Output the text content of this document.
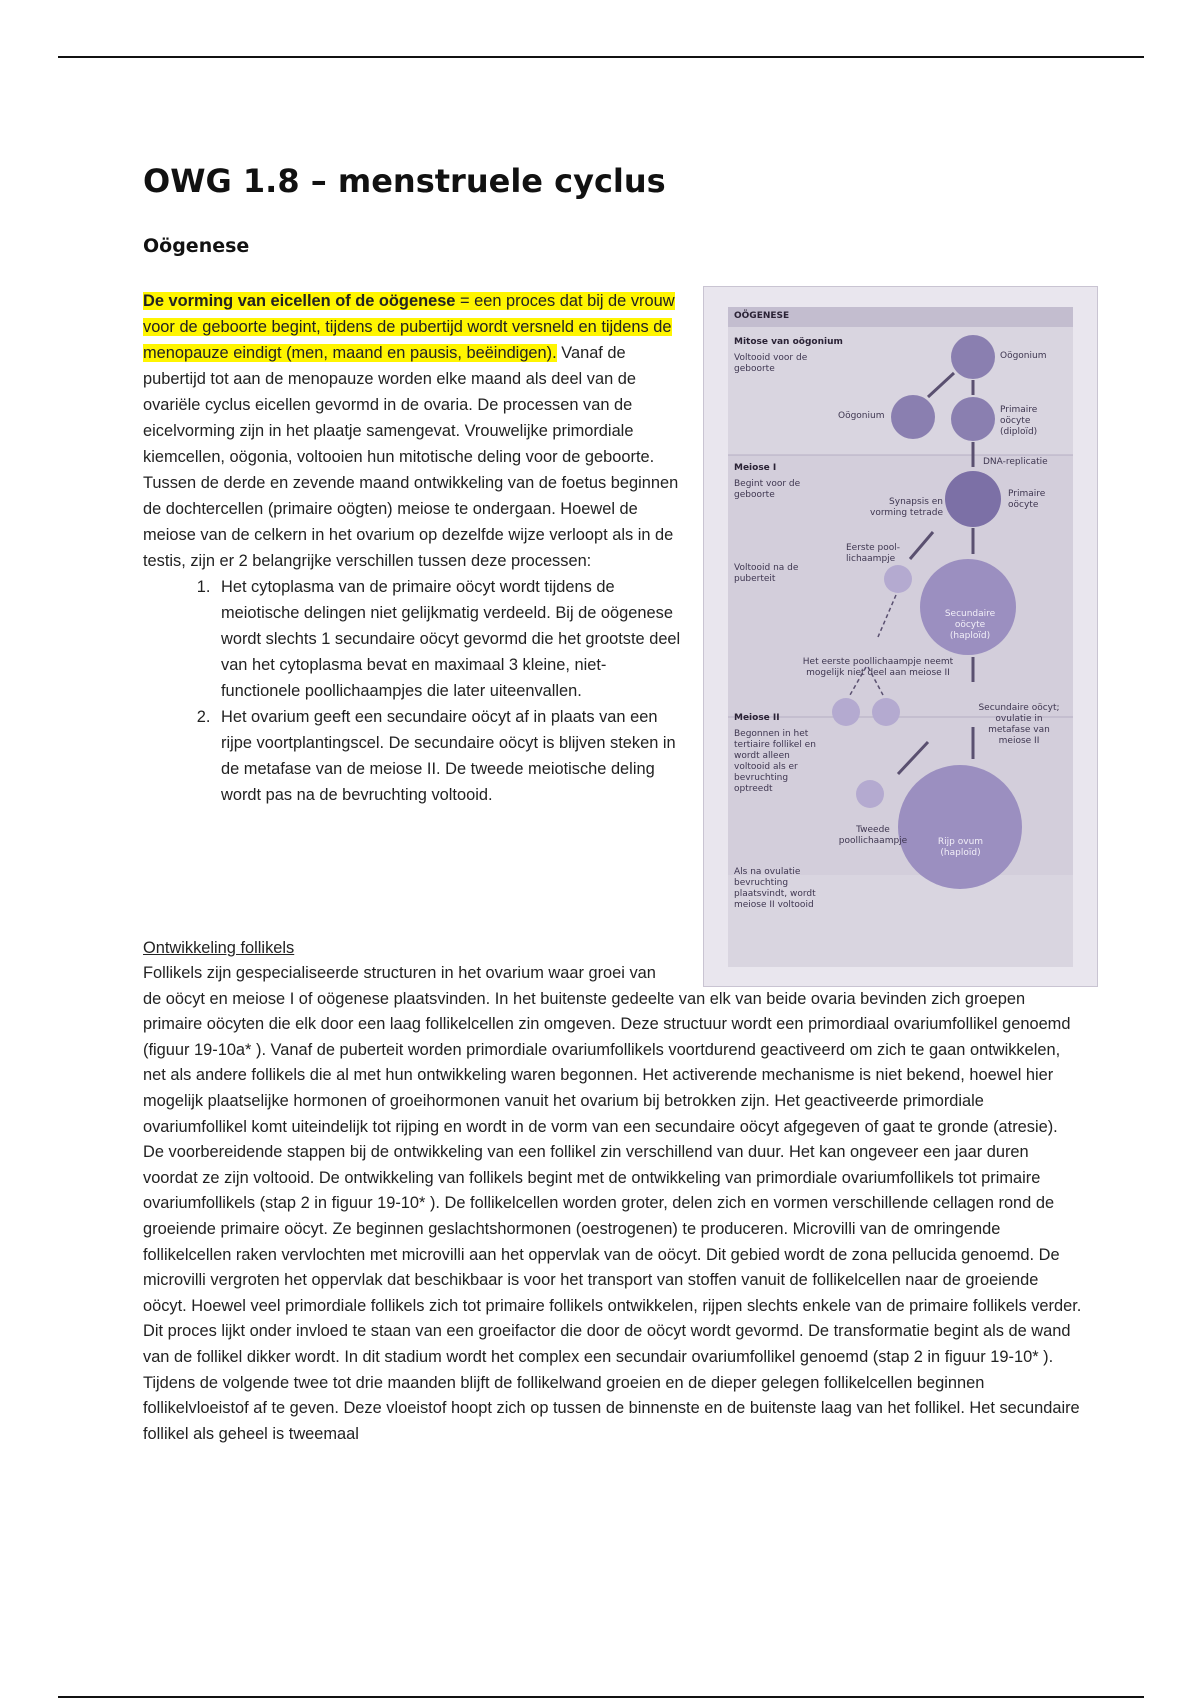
OWG 1.8 – menstruele cyclus
Oögenese

De vorming van eicellen of de oögenese = een proces dat bij de vrouw voor de geboorte begint, tijdens de pubertijd wordt versneld en tijdens de menopauze eindigt (men, maand en pausis, beëindigen). Vanaf de pubertijd tot aan de menopauze worden elke maand als deel van de ovariële cyclus eicellen gevormd in de ovaria. De processen van de eicelvorming zijn in het plaatje samengevat. Vrouwelijke primordiale kiemcellen, oögonia, voltooien hun mitotische deling voor de geboorte. Tussen de derde en zevende maand ontwikkeling van de foetus beginnen de dochtercellen (primaire oögten) meiose te ondergaan. Hoewel de meiose van de celkern in het ovarium op dezelfde wijze verloopt als in de testis, zijn er 2 belangrijke verschillen tussen deze processen:

1. Het cytoplasma van de primaire oöcyt wordt tijdens de meiotische delingen niet gelijkmatig verdeeld. Bij de oögenese wordt slechts 1 secundaire oöcyt gevormd die het grootste deel van het cytoplasma bevat en maximaal 3 kleine, niet-functionele poollichaampjes die later uiteenvallen.
2. Het ovarium geeft een secundaire oöcyt af in plaats van een rijpe voortplantingscel. De secundaire oöcyt is blijven steken in de metafase van de meiose II. De tweede meiotische deling wordt pas na de bevruchting voltooid.
OÖGENESE
Mitose van oögonium
Voltooid voor de geboorte
Oögonium
Oögonium
Primaire oöcyte (diploïd)
DNA-replicatie
Meiose I
Begint voor de geboorte
Synapsis en vorming tetrade
Primaire oöcyte
Eerste pool-lichaampje
Voltooid na de puberteit
Secundaire oöcyte (haploïd)
Het eerste poollichaampje neemt mogelijk niet deel aan meiose II
Meiose II
Begonnen in het tertiaire follikel en wordt alleen voltooid als er bevruchting optreedt
Secundaire oöcyt; ovulatie in metafase van meiose II
Tweede poollichaampje	Rijp ovum (haploïd)
Als na ovulatie bevruchting plaatsvindt, wordt meiose II voltooid
Ontwikkeling follikels

Follikels zijn gespecialiseerde structuren in het ovarium waar groei van de oöcyt en meiose I of oögenese plaatsvinden. In het buitenste gedeelte van elk van beide ovaria bevinden zich groepen primaire oöcyten die elk door een laag follikelcellen zin omgeven. Deze structuur wordt een primordiaal ovariumfollikel genoemd (figuur 19-10a* ). Vanaf de puberteit worden primordiale ovariumfollikels voortdurend geactiveerd om zich te gaan ontwikkelen, net als andere follikels die al met hun ontwikkeling waren begonnen. Het activerende mechanisme is niet bekend, hoewel hier mogelijk plaatselijke hormonen of groeihormonen vanuit het ovarium bij betrokken zijn. Het geactiveerde primordiale ovariumfollikel komt uiteindelijk tot rijping en wordt in de vorm van een secundaire oöcyt afgegeven of gaat te gronde (atresie). De voorbereidende stappen bij de ontwikkeling van een follikel zin verschillend van duur. Het kan ongeveer een jaar duren voordat ze zijn voltooid. De ontwikkeling van follikels begint met de ontwikkeling van primordiale ovariumfollikels tot primaire ovariumfollikels (stap 2 in figuur 19-10* ). De follikelcellen worden groter, delen zich en vormen verschillende cellagen rond de groeiende primaire oöcyt. Ze beginnen geslachtshormonen (oestrogenen) te produceren. Microvilli van de omringende follikelcellen raken vervlochten met microvilli aan het oppervlak van de oöcyt. Dit gebied wordt de zona pellucida genoemd. De microvilli vergroten het oppervlak dat beschikbaar is voor het transport van stoffen vanuit de follikelcellen naar de groeiende oöcyt. Hoewel veel primordiale follikels zich tot primaire follikels ontwikkelen, rijpen slechts enkele van de primaire follikels verder. Dit proces lijkt onder invloed te staan van een groeifactor die door de oöcyt wordt gevormd. De transformatie begint als de wand van de follikel dikker wordt. In dit stadium wordt het complex een secundair ovariumfollikel genoemd (stap 2 in figuur 19-10* ). Tijdens de volgende twee tot drie maanden blijft de follikelwand groeien en de dieper gelegen follikelcellen beginnen follikelvloeistof af te geven. Deze vloeistof hoopt zich op tussen de binnenste en de buitenste laag van het follikel. Het secundaire follikel als geheel is tweemaal
